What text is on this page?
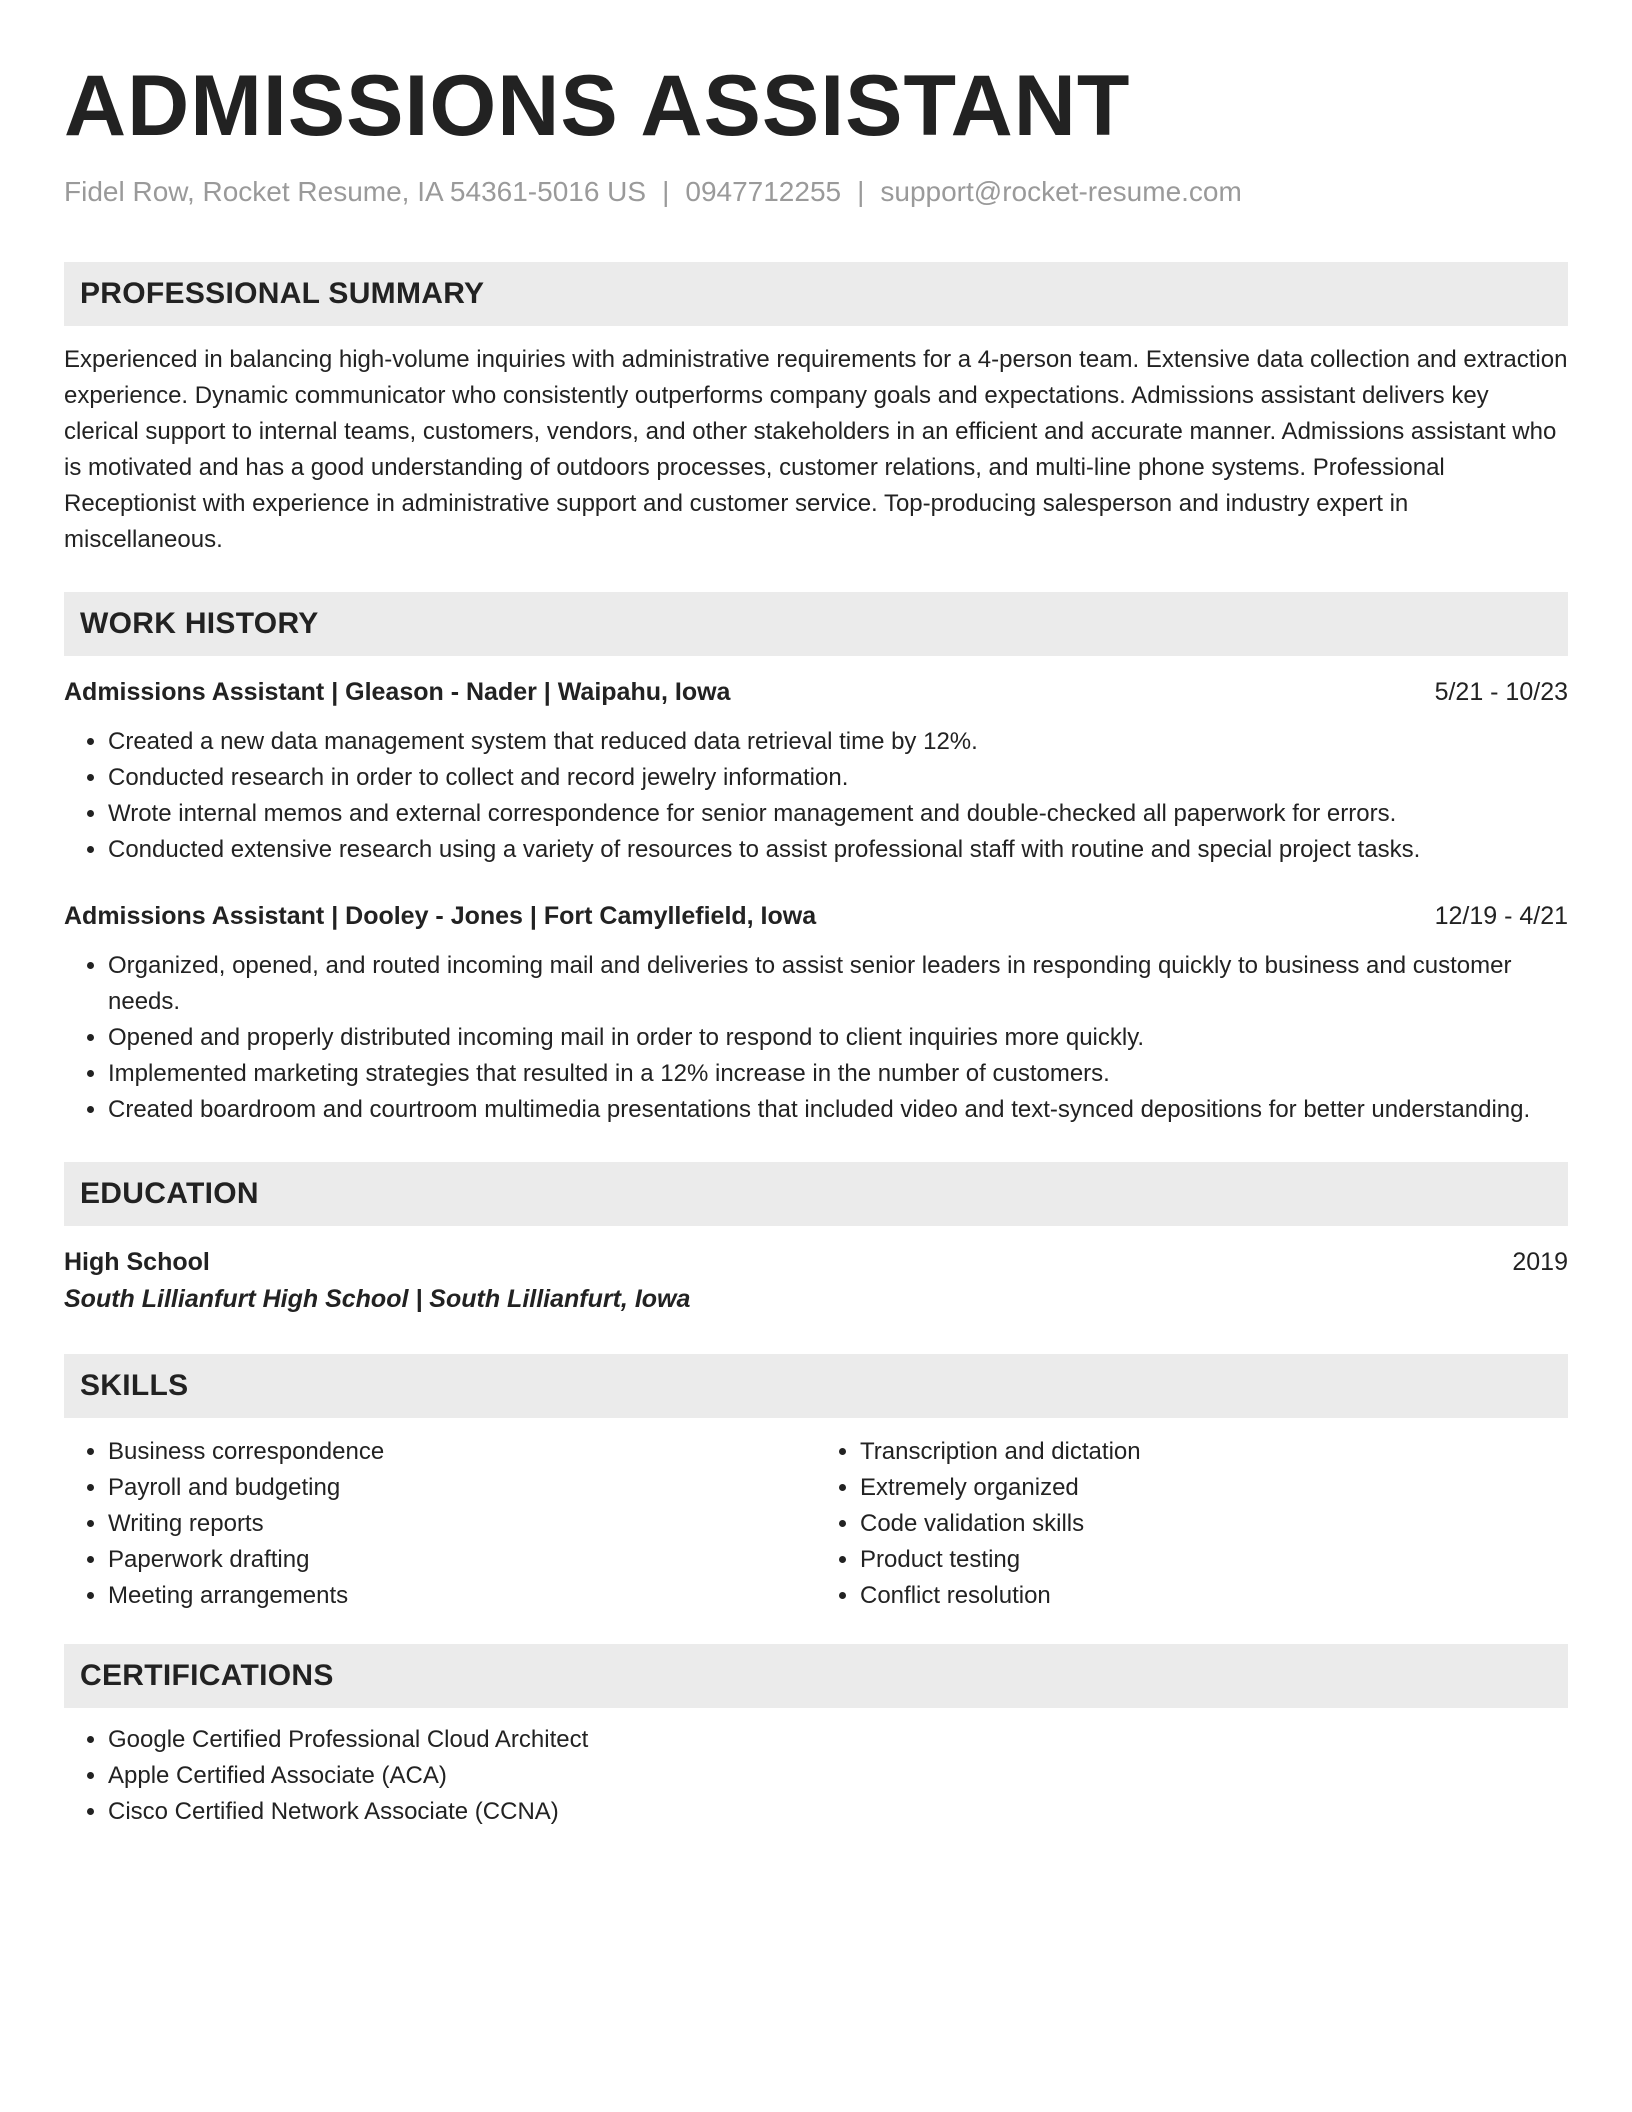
ADMISSIONS ASSISTANT
Fidel Row, Rocket Resume, IA 54361-5016 US | 0947712255 | support@rocket-resume.com
PROFESSIONAL SUMMARY

Experienced in balancing high-volume inquiries with administrative requirements for a 4-person team. Extensive data collection and extraction experience. Dynamic communicator who consistently outperforms company goals and expectations. Admissions assistant delivers key clerical support to internal teams, customers, vendors, and other stakeholders in an efficient and accurate manner. Admissions assistant who is motivated and has a good understanding of outdoors processes, customer relations, and multi-line phone systems. Professional Receptionist with experience in administrative support and customer service. Top-producing salesperson and industry expert in miscellaneous.

WORK HISTORY
Admissions Assistant | Gleason - Nader | Waipahu, Iowa	5/21 - 10/23
• Created a new data management system that reduced data retrieval time by 12%.
• Conducted research in order to collect and record jewelry information.
• Wrote internal memos and external correspondence for senior management and double-checked all paperwork for errors.
• Conducted extensive research using a variety of resources to assist professional staff with routine and special project tasks.
Admissions Assistant | Dooley - Jones | Fort Camyllefield, Iowa	12/19 - 4/21
• Organized, opened, and routed incoming mail and deliveries to assist senior leaders in responding quickly to business and customer needs.
• Opened and properly distributed incoming mail in order to respond to client inquiries more quickly.
• Implemented marketing strategies that resulted in a 12% increase in the number of customers.
• Created boardroom and courtroom multimedia presentations that included video and text-synced depositions for better understanding.
EDUCATION
High School	2019
South Lillianfurt High School | South Lillianfurt, Iowa
SKILLS
• Business correspondence
• Payroll and budgeting
• Writing reports
• Paperwork drafting
• Meeting arrangements
• Transcription and dictation
• Extremely organized
• Code validation skills
• Product testing
• Conflict resolution
CERTIFICATIONS
• Google Certified Professional Cloud Architect
• Apple Certified Associate (ACA)
• Cisco Certified Network Associate (CCNA)
